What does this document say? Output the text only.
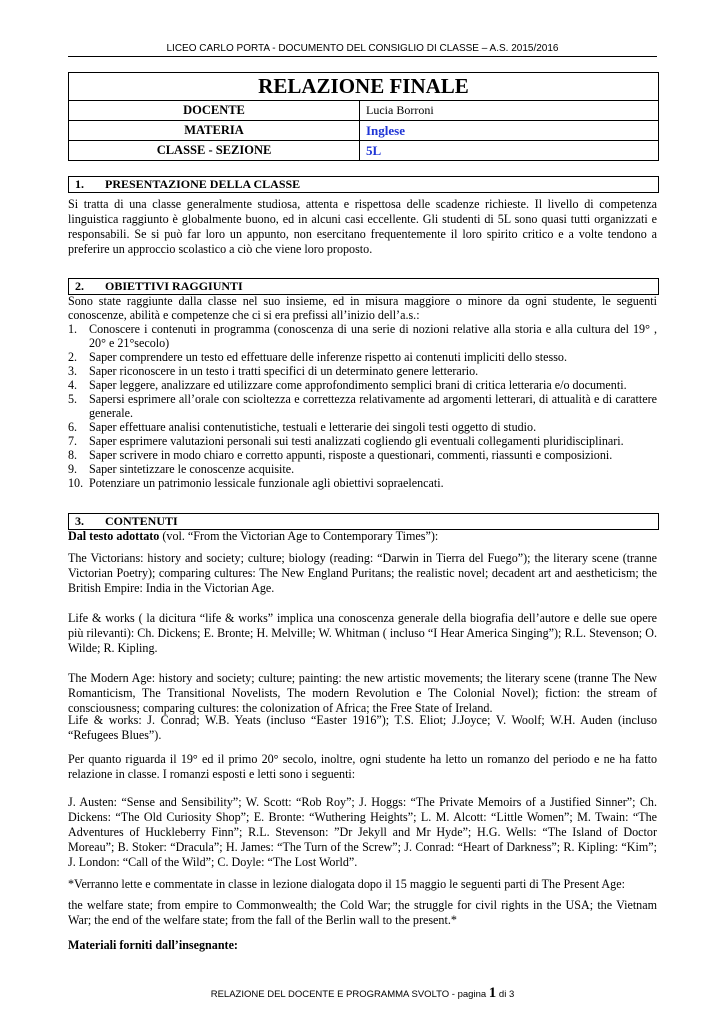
LICEO CARLO PORTA - DOCUMENTO DEL CONSIGLIO DI CLASSE – A.S. 2015/2016
RELAZIONE FINALE	
DOCENTE	Lucia Borroni
MATERIA	Inglese
CLASSE - SEZIONE	5L
1. PRESENTAZIONE DELLA CLASSE
Si tratta di una classe generalmente studiosa, attenta e rispettosa delle scadenze richieste. Il livello di competenza linguistica raggiunto è globalmente buono, ed in alcuni casi eccellente. Gli studenti di 5L sono quasi tutti organizzati e responsabili. Se si può far loro un appunto, non esercitano frequentemente il loro spirito critico e a volte tendono a preferire un approccio scolastico a ciò che viene loro proposto.
2. OBIETTIVI RAGGIUNTI
Sono state raggiunte dalla classe nel suo insieme, ed in misura maggiore o minore da ogni studente, le seguenti conoscenze, abilità e competenze che ci si era prefissi all’inizio dell’a.s.:
1. Conoscere i contenuti in programma (conoscenza di una serie di nozioni relative alla storia e alla cultura del 19° , 20° e 21°secolo)
2. Saper comprendere un testo ed effettuare delle inferenze rispetto ai contenuti impliciti dello stesso.
3. Saper riconoscere in un testo i tratti specifici di un determinato genere letterario.
4. Saper leggere, analizzare ed utilizzare come approfondimento semplici brani di critica letteraria e/o documenti.
5. Sapersi esprimere all’orale con scioltezza e correttezza relativamente ad argomenti letterari, di attualità e di carattere generale.
6. Saper effettuare analisi contenutistiche, testuali e letterarie dei singoli testi oggetto di studio.
7. Saper esprimere valutazioni personali sui testi analizzati cogliendo gli eventuali collegamenti pluridisciplinari.
8. Saper scrivere in modo chiaro e corretto appunti, risposte a questionari, commenti, riassunti e composizioni.
9. Saper sintetizzare le conoscenze acquisite.
10. Potenziare un patrimonio lessicale funzionale agli obiettivi sopraelencati.
3. CONTENUTI
Dal testo adottato (vol. “From the Victorian Age to Contemporary Times”):
The Victorians: history and society; culture; biology (reading: “Darwin in Tierra del Fuego”); the literary scene (tranne Victorian Poetry); comparing cultures: The New England Puritans; the realistic novel; decadent art and aestheticism; the British Empire: India in the Victorian Age.
Life & works ( la dicitura “life & works” implica una conoscenza generale della biografia dell’autore e delle sue opere più rilevanti): Ch. Dickens; E. Bronte; H. Melville; W. Whitman ( incluso “I Hear America Singing”); R.L. Stevenson; O. Wilde; R. Kipling.
The Modern Age: history and society; culture; painting: the new artistic movements; the literary scene (tranne The New Romanticism, The Transitional Novelists, The modern Revolution e The Colonial Novel); fiction: the stream of consciousness; comparing cultures: the colonization of Africa; the Free State of Ireland.
Life & works: J. Conrad; W.B. Yeats (incluso “Easter 1916”); T.S. Eliot; J.Joyce; V. Woolf; W.H. Auden (incluso “Refugees Blues”).
Per quanto riguarda il 19° ed il primo 20° secolo, inoltre, ogni studente ha letto un romanzo del periodo e ne ha fatto relazione in classe. I romanzi esposti e letti sono i seguenti:
J. Austen: “Sense and Sensibility”; W. Scott: “Rob Roy”; J. Hoggs: “The Private Memoirs of a Justified Sinner”; Ch. Dickens: “The Old Curiosity Shop”; E. Bronte: “Wuthering Heights”; L. M. Alcott: “Little Women”; M. Twain: “The Adventures of Huckleberry Finn”; R.L. Stevenson: ”Dr Jekyll and Mr Hyde”; H.G. Wells: “The Island of Doctor Moreau”; B. Stoker: “Dracula”; H. James: “The Turn of the Screw”; J. Conrad: “Heart of Darkness”; R. Kipling: “Kim”; J. London: “Call of the Wild”; C. Doyle: “The Lost World”.
*Verranno lette e commentate in classe in lezione dialogata dopo il 15 maggio le seguenti parti di The Present Age:
the welfare state; from empire to Commonwealth; the Cold War; the struggle for civil rights in the USA; the Vietnam War; the end of the welfare state; from the fall of the Berlin wall to the present.*
Materiali forniti dall’insegnante:
RELAZIONE DEL DOCENTE E PROGRAMMA SVOLTO - pagina 1 di 3
